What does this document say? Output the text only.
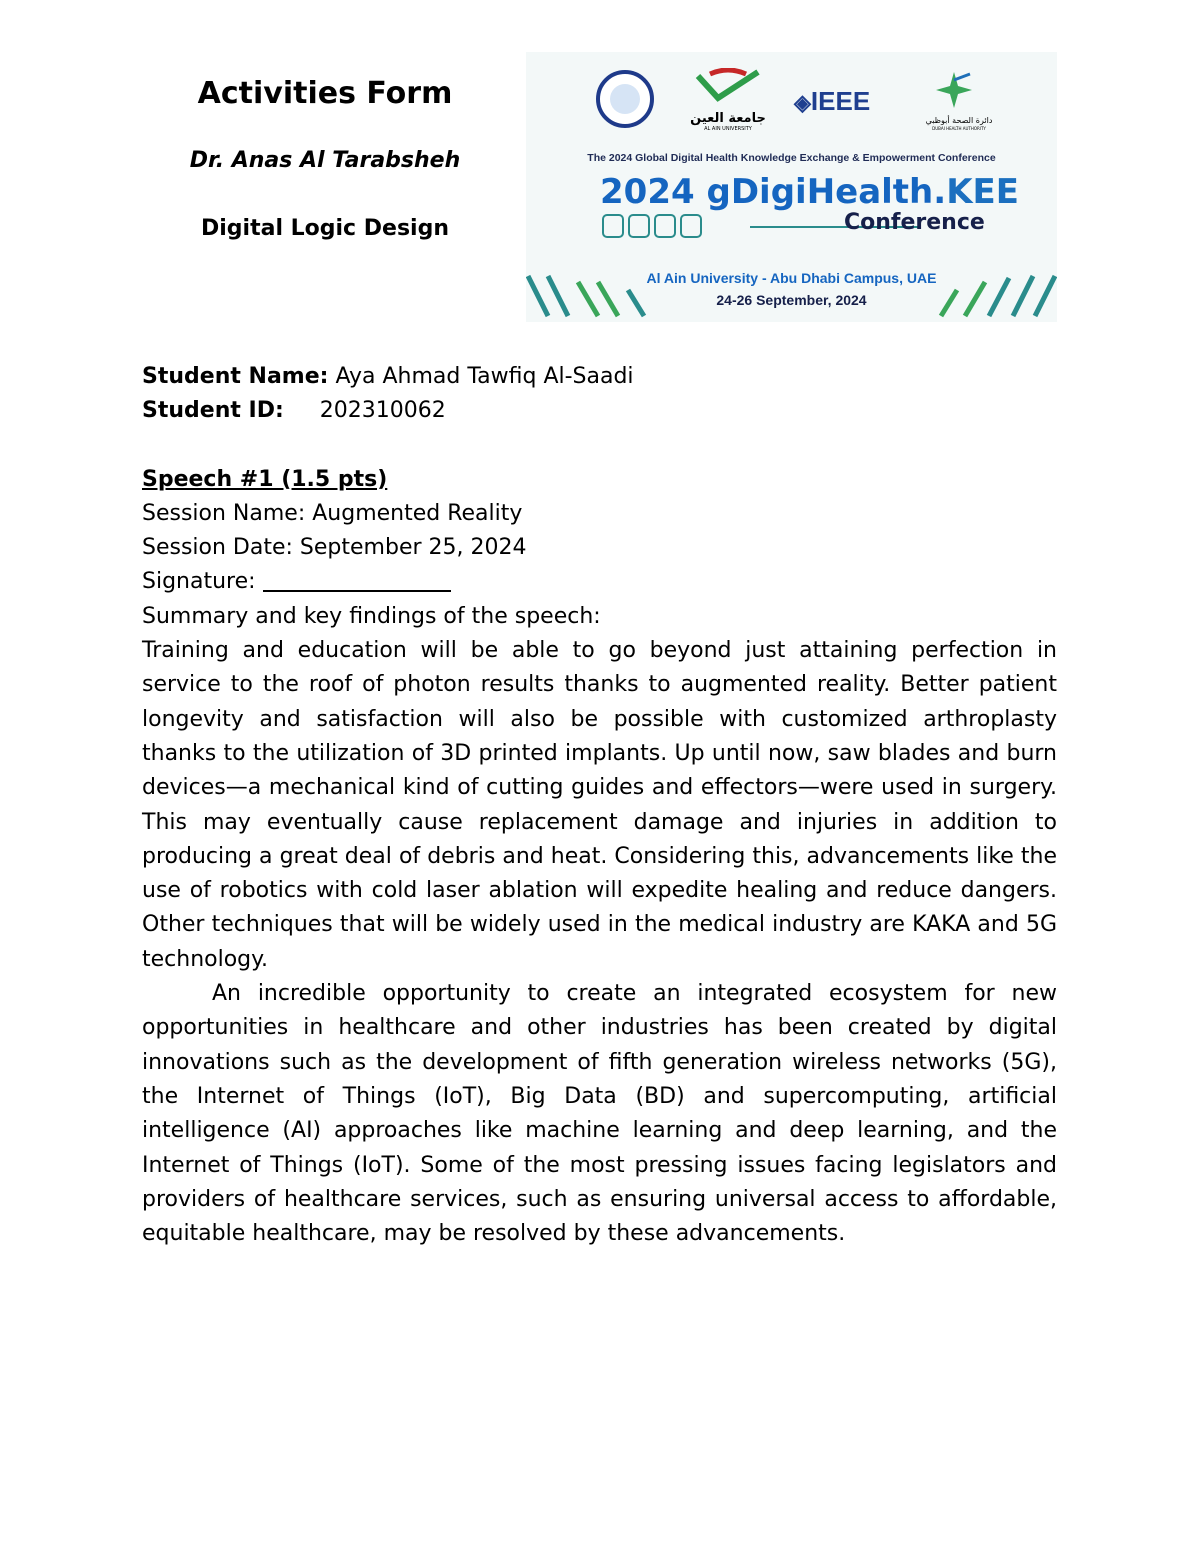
Activities Form
Dr. Anas Al Tarabsheh
Digital Logic Design
جامعة العين
AL AIN UNIVERSITY
◈IEEE
دائرة الصحة أبوظبي
DUBAI HEALTH AUTHORITY
The 2024 Global Digital Health Knowledge Exchange & Empowerment Conference
2024 gDigiHealth.KEE
Conference
Al Ain University - Abu Dhabi Campus, UAE
24-26 September, 2024
Student Name: Aya Ahmad Tawfiq Al-Saadi
Student ID: 202310062
Speech #1 (1.5 pts)
Session Name: Augmented Reality
Session Date: September 25, 2024
Signature:
Summary and key findings of the speech:

Training and education will be able to go beyond just attaining perfection in service to the roof of photon results thanks to augmented reality. Better patient longevity and satisfaction will also be possible with customized arthroplasty thanks to the utilization of 3D printed implants. Up until now, saw blades and burn devices—a mechanical kind of cutting guides and effectors—were used in surgery. This may eventually cause replacement damage and injuries in addition to producing a great deal of debris and heat. Considering this, advancements like the use of robotics with cold laser ablation will expedite healing and reduce dangers. Other techniques that will be widely used in the medical industry are KAKA and 5G technology.

An incredible opportunity to create an integrated ecosystem for new opportunities in healthcare and other industries has been created by digital innovations such as the development of fifth generation wireless networks (5G), the Internet of Things (IoT), Big Data (BD) and supercomputing, artificial intelligence (AI) approaches like machine learning and deep learning, and the Internet of Things (IoT). Some of the most pressing issues facing legislators and providers of healthcare services, such as ensuring universal access to affordable, equitable healthcare, may be resolved by these advancements.
